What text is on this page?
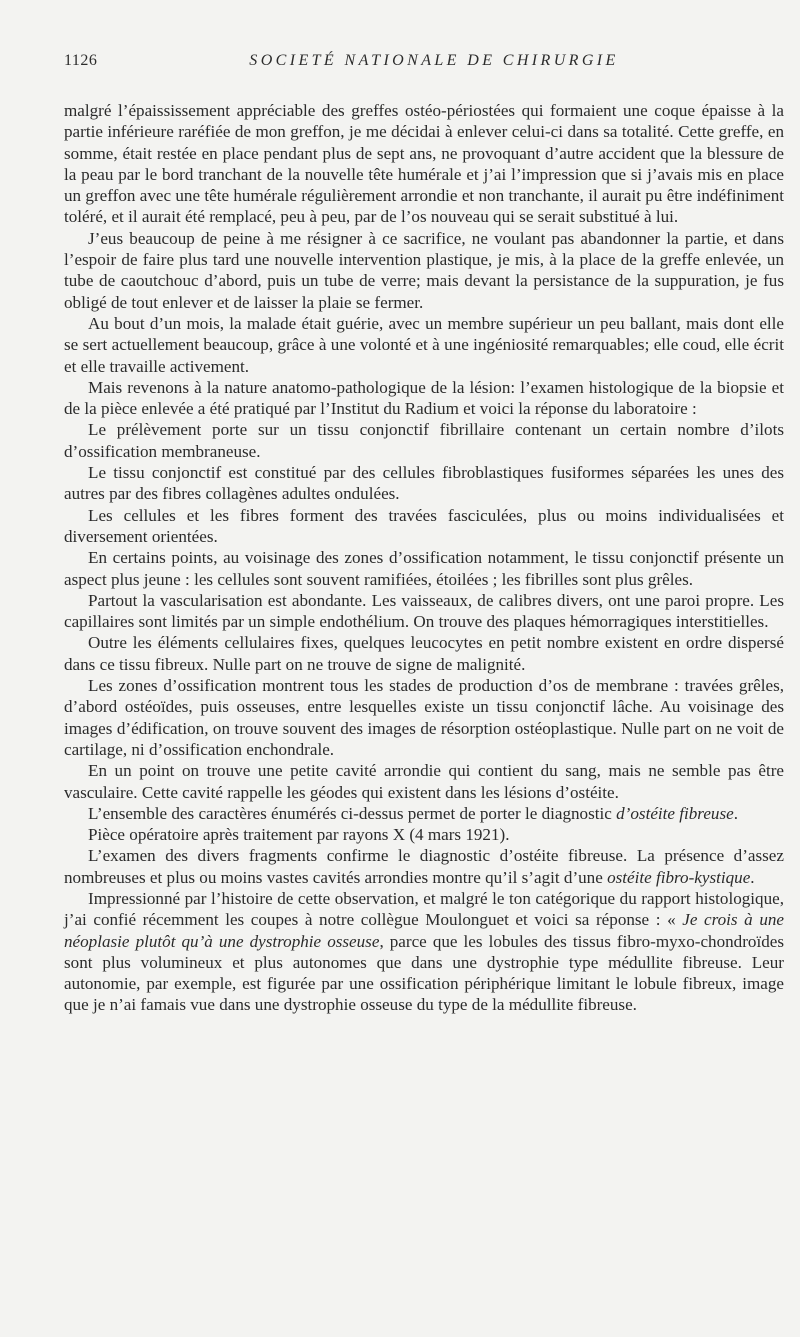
1126	SOCIETÉ NATIONALE DE CHIRURGIE

malgré l’épaississement appréciable des greffes ostéo-périostées qui formaient une coque épaisse à la partie inférieure raréfiée de mon greffon, je me décidai à enlever celui-ci dans sa totalité. Cette greffe, en somme, était restée en place pendant plus de sept ans, ne provoquant d’autre accident que la blessure de la peau par le bord tranchant de la nouvelle tête humérale et j’ai l’impression que si j’avais mis en place un greffon avec une tête humérale régulièrement arrondie et non tranchante, il aurait pu être indéfiniment toléré, et il aurait été remplacé, peu à peu, par de l’os nouveau qui se serait substitué à lui.

J’eus beaucoup de peine à me résigner à ce sacrifice, ne voulant pas abandonner la partie, et dans l’espoir de faire plus tard une nouvelle intervention plastique, je mis, à la place de la greffe enlevée, un tube de caoutchouc d’abord, puis un tube de verre; mais devant la persistance de la suppuration, je fus obligé de tout enlever et de laisser la plaie se fermer.

Au bout d’un mois, la malade était guérie, avec un membre supérieur un peu ballant, mais dont elle se sert actuellement beaucoup, grâce à une volonté et à une ingéniosité remarquables; elle coud, elle écrit et elle travaille activement.

Mais revenons à la nature anatomo-pathologique de la lésion: l’examen histologique de la biopsie et de la pièce enlevée a été pratiqué par l’Institut du Radium et voici la réponse du laboratoire :

Le prélèvement porte sur un tissu conjonctif fibrillaire contenant un certain nombre d’ilots d’ossification membraneuse.

Le tissu conjonctif est constitué par des cellules fibroblastiques fusiformes séparées les unes des autres par des fibres collagènes adultes ondulées.

Les cellules et les fibres forment des travées fasciculées, plus ou moins individualisées et diversement orientées.

En certains points, au voisinage des zones d’ossification notamment, le tissu conjonctif présente un aspect plus jeune : les cellules sont souvent ramifiées, étoilées ; les fibrilles sont plus grêles.

Partout la vascularisation est abondante. Les vaisseaux, de calibres divers, ont une paroi propre. Les capillaires sont limités par un simple endothélium. On trouve des plaques hémorragiques interstitielles.

Outre les éléments cellulaires fixes, quelques leucocytes en petit nombre existent en ordre dispersé dans ce tissu fibreux. Nulle part on ne trouve de signe de malignité.

Les zones d’ossification montrent tous les stades de production d’os de membrane : travées grêles, d’abord ostéoïdes, puis osseuses, entre lesquelles existe un tissu conjonctif lâche. Au voisinage des images d’édification, on trouve souvent des images de résorption ostéoplastique. Nulle part on ne voit de cartilage, ni d’ossification enchondrale.

En un point on trouve une petite cavité arrondie qui contient du sang, mais ne semble pas être vasculaire. Cette cavité rappelle les géodes qui existent dans les lésions d’ostéite.

L’ensemble des caractères énumérés ci-dessus permet de porter le diagnostic d’ostéite fibreuse.

Pièce opératoire après traitement par rayons X (4 mars 1921).

L’examen des divers fragments confirme le diagnostic d’ostéite fibreuse. La présence d’assez nombreuses et plus ou moins vastes cavités arrondies montre qu’il s’agit d’une ostéite fibro-kystique.

Impressionné par l’histoire de cette observation, et malgré le ton catégorique du rapport histologique, j’ai confié récemment les coupes à notre collègue Moulonguet et voici sa réponse : « Je crois à une néoplasie plutôt qu’à une dystrophie osseuse, parce que les lobules des tissus fibro-myxo-chondroïdes sont plus volumineux et plus autonomes que dans une dystrophie type médullite fibreuse. Leur autonomie, par exemple, est figurée par une ossification périphérique limitant le lobule fibreux, image que je n’ai famais vue dans une dystrophie osseuse du type de la médullite fibreuse.
